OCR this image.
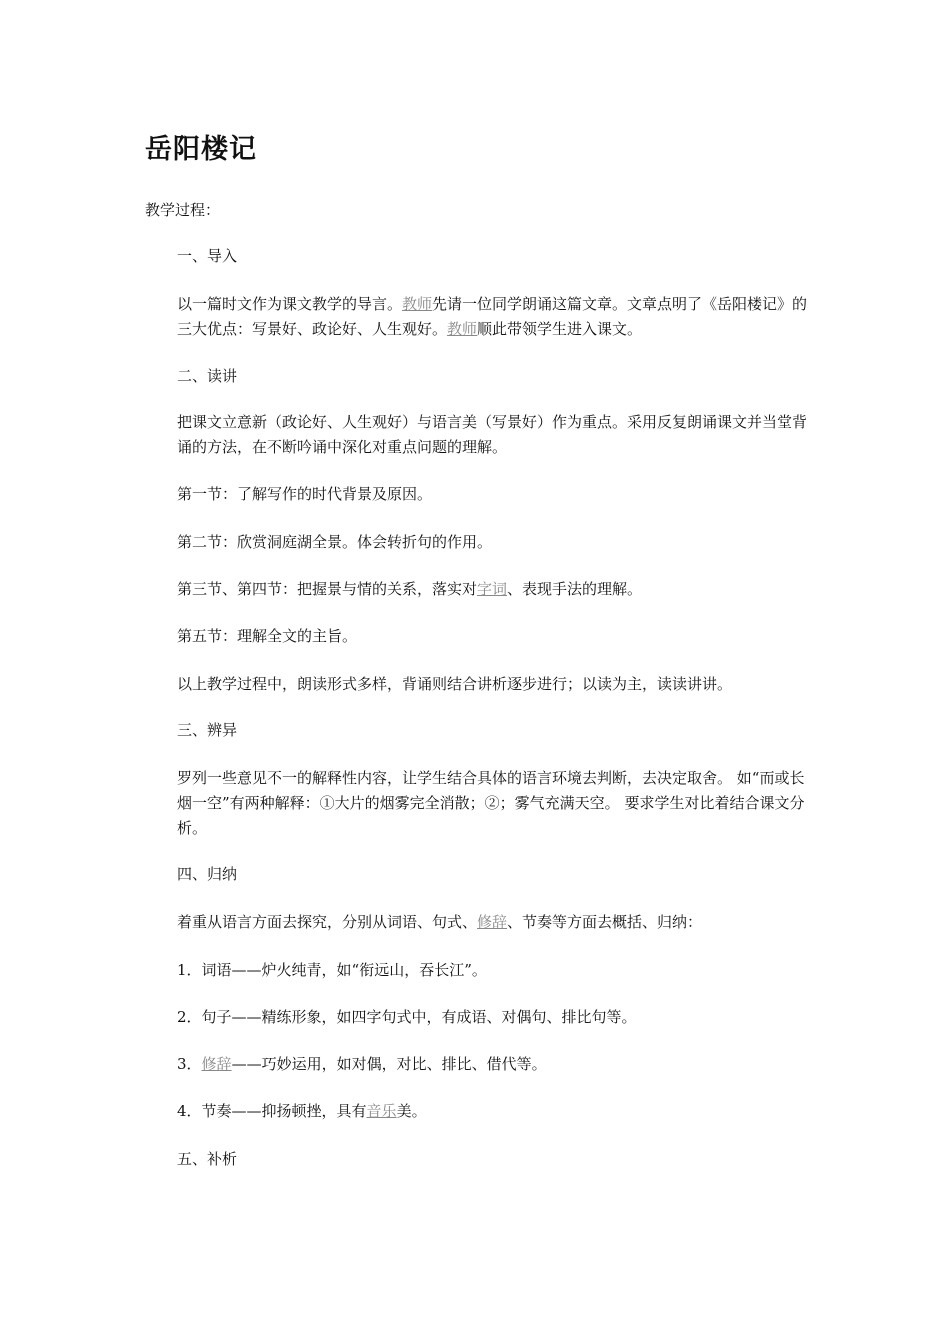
岳阳楼记

教学过程：

一、导入

以一篇时文作为课文教学的导言。教师先请一位同学朗诵这篇文章。文章点明了《岳阳楼记》的三大优点：写景好、政论好、人生观好。教师顺此带领学生进入课文。

二、读讲

把课文立意新（政论好、人生观好）与语言美（写景好）作为重点。采用反复朗诵课文并当堂背诵的方法，在不断吟诵中深化对重点问题的理解。

第一节：了解写作的时代背景及原因。

第二节：欣赏洞庭湖全景。体会转折句的作用。

第三节、第四节：把握景与情的关系，落实对字词、表现手法的理解。

第五节：理解全文的主旨。

以上教学过程中，朗读形式多样，背诵则结合讲析逐步进行；以读为主，读读讲讲。

三、辨异

罗列一些意见不一的解释性内容，让学生结合具体的语言环境去判断，去决定取舍。 如“而或长烟一空”有两种解释：①大片的烟雾完全消散；②；雾气充满天空。 要求学生对比着结合课文分析。

四、归纳

着重从语言方面去探究，分别从词语、句式、修辞、节奏等方面去概括、归纳：

1．词语——炉火纯青，如“衔远山，吞长江”。

2．句子——精练形象，如四字句式中，有成语、对偶句、排比句等。

3．修辞——巧妙运用，如对偶，对比、排比、借代等。

4．节奏——抑扬顿挫，具有音乐美。

五、补析
